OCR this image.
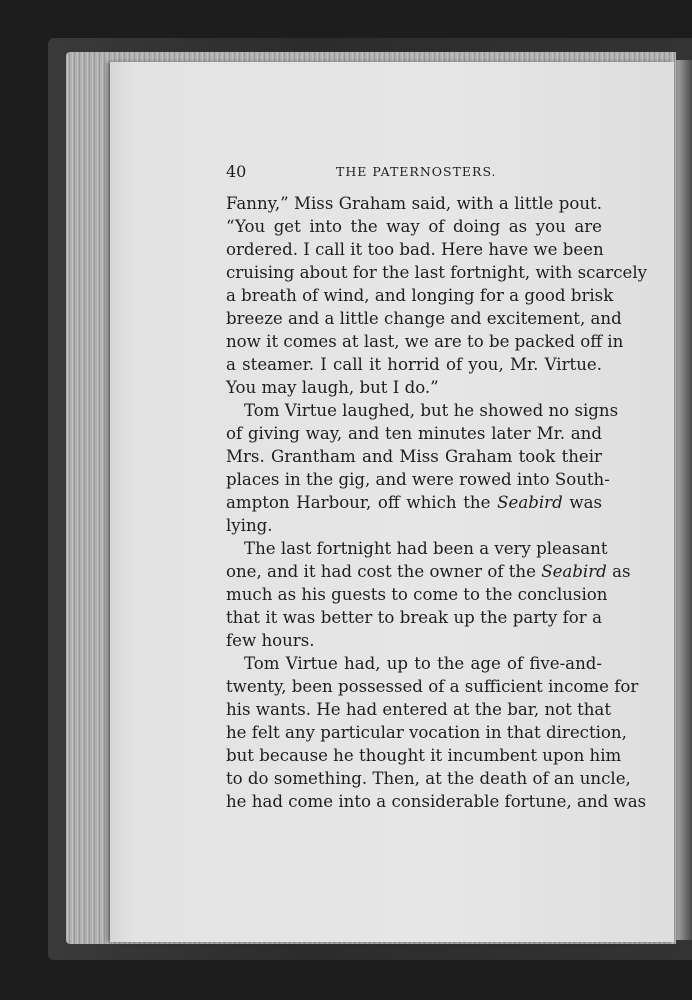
40	THE PATERNOSTERS.
Fanny,” Miss Graham said, with a little pout.
“You get into the way of doing as you are
ordered. I call it too bad. Here have we been
cruising about for the last fortnight, with scarcely
a breath of wind, and longing for a good brisk
breeze and a little change and excitement, and
now it comes at last, we are to be packed off in
a steamer. I call it horrid of you, Mr. Virtue.
You may laugh, but I do.”
Tom Virtue laughed, but he showed no signs
of giving way, and ten minutes later Mr. and
Mrs. Grantham and Miss Graham took their
places in the gig, and were rowed into South-
ampton Harbour, off which the Seabird was
lying.
The last fortnight had been a very pleasant
one, and it had cost the owner of the Seabird as
much as his guests to come to the conclusion
that it was better to break up the party for a
few hours.
Tom Virtue had, up to the age of five-and-
twenty, been possessed of a sufficient income for
his wants. He had entered at the bar, not that
he felt any particular vocation in that direction,
but because he thought it incumbent upon him
to do something. Then, at the death of an uncle,
he had come into a considerable fortune, and was
